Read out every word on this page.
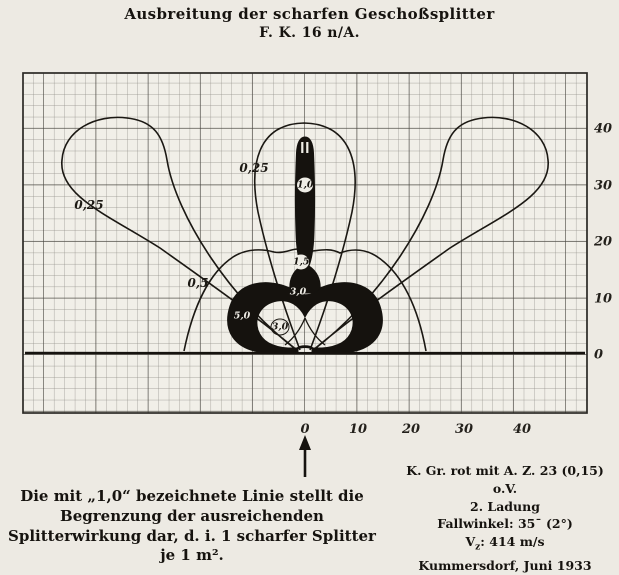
Ausbreitung der scharfen Geschoßsplitter
F. K. 16 n/A.
0	10	20	30	40
40
30
20
10
0
0,25
0,25
0,5
1,0
1,5
3,0
5,0
3,0
Die mit „1,0“ bezeichnete Linie stellt die Begrenzung der ausreichenden Splitterwirkung dar, d. i. 1 scharfer Splitter je 1 m².
K. Gr. rot mit A. Z. 23 (0,15) o.V.
2. Ladung
Fallwinkel: 35¯ (2°)
$V_z$: 414 m/s
Kummersdorf, Juni 1933
